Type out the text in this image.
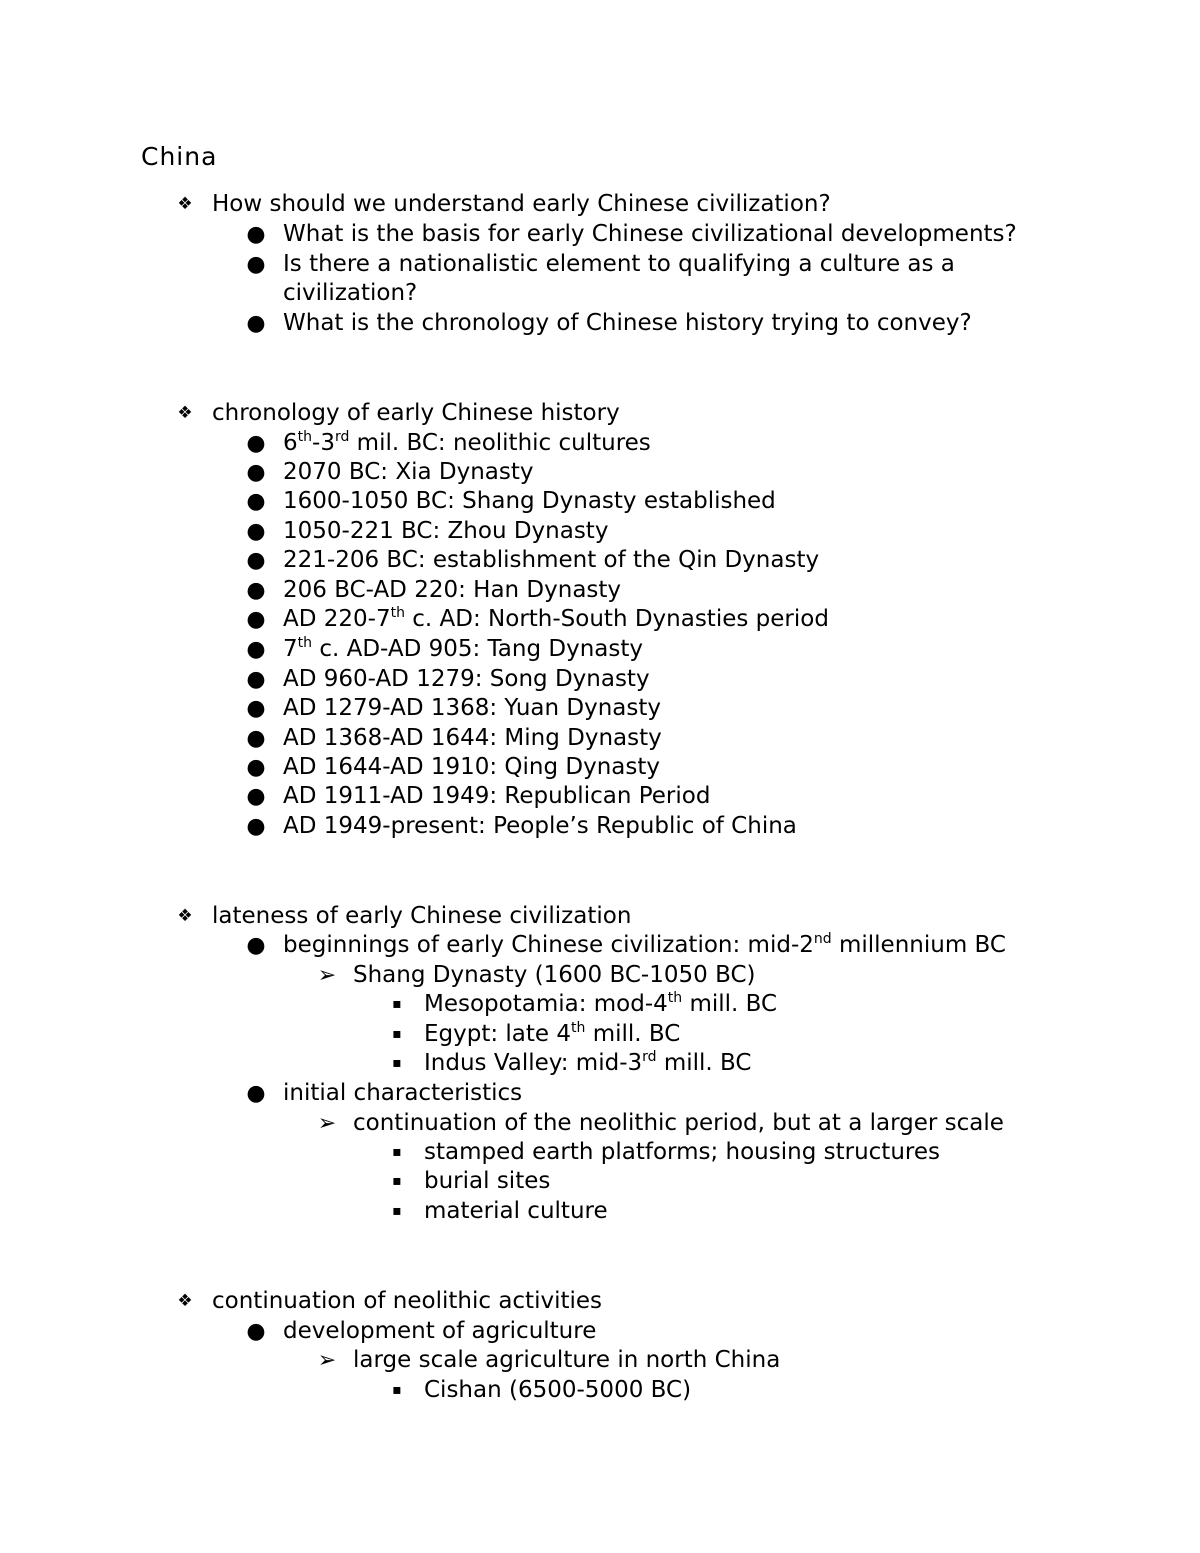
China
❖ How should we understand early Chinese civilization?
● What is the basis for early Chinese civilizational developments?
● Is there a nationalistic element to qualifying a culture as a
civilization?
● What is the chronology of Chinese history trying to convey?
❖ chronology of early Chinese history
● 6th-3rd mil. BC: neolithic cultures
● 2070 BC: Xia Dynasty
● 1600-1050 BC: Shang Dynasty established
● 1050-221 BC: Zhou Dynasty
● 221-206 BC: establishment of the Qin Dynasty
● 206 BC-AD 220: Han Dynasty
● AD 220-7th c. AD: North-South Dynasties period
● 7th c. AD-AD 905: Tang Dynasty
● AD 960-AD 1279: Song Dynasty
● AD 1279-AD 1368: Yuan Dynasty
● AD 1368-AD 1644: Ming Dynasty
● AD 1644-AD 1910: Qing Dynasty
● AD 1911-AD 1949: Republican Period
● AD 1949-present: People’s Republic of China
❖ lateness of early Chinese civilization
● beginnings of early Chinese civilization: mid-2nd millennium BC
➢ Shang Dynasty (1600 BC-1050 BC)
▪ Mesopotamia: mod-4th mill. BC
▪ Egypt: late 4th mill. BC
▪ Indus Valley: mid-3rd mill. BC
● initial characteristics
➢ continuation of the neolithic period, but at a larger scale
▪ stamped earth platforms; housing structures
▪ burial sites
▪ material culture
❖ continuation of neolithic activities
● development of agriculture
➢ large scale agriculture in north China
▪ Cishan (6500-5000 BC)
